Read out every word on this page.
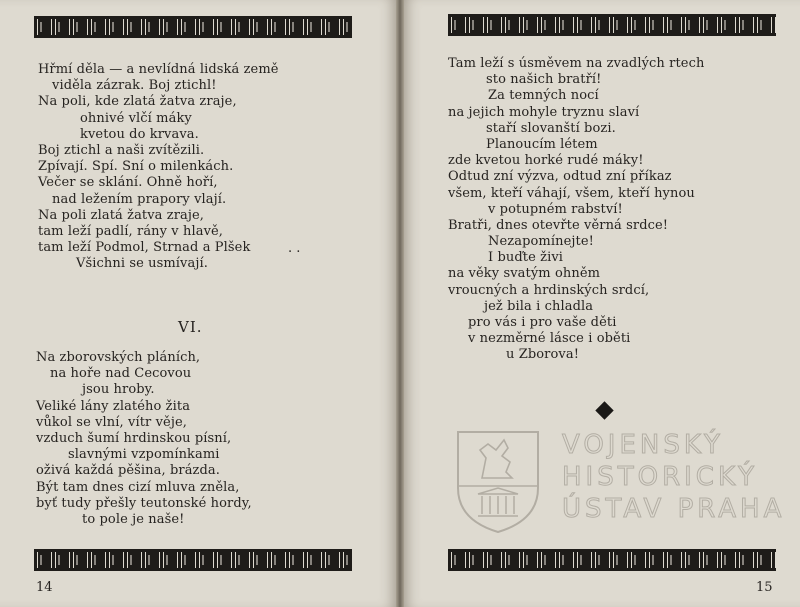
Hřmí děla — a nevlídná lidská země
viděla zázrak. Boj ztichl!
Na poli, kde zlatá žatva zraje,
ohnivé vlčí máky
kvetou do krvava.
Boj ztichl a naši zvítězili.
Zpívají. Spí. Sní o milenkách.
Večer se sklání. Ohně hoří,
nad ležením prapory vlají.
Na poli zlatá žatva zraje,
tam leží padlí, rány v hlavě,
tam leží Podmol, Strnad a Plšek
Všichni se usmívají.
. .
VI.
Na zborovských pláních,
na hoře nad Cecovou
jsou hroby.
Veliké lány zlatého žita
vůkol se vlní, vítr věje,
vzduch šumí hrdinskou písní,
slavnými vzpomínkami
oživá každá pěšina, brázda.
Být tam dnes cizí mluva zněla,
byť tudy přešly teutonské hordy,
to pole je naše!
14
Tam leží s úsměvem na zvadlých rtech
sto našich bratří!
Za temných nocí
na jejich mohyle tryznu slaví
staří slovanští bozi.
Planoucím létem
zde kvetou horké rudé máky!
Odtud zní výzva, odtud zní příkaz
všem, kteří váhají, všem, kteří hynou
v potupném rabství!
Bratři, dnes otevřte věrná srdce!
Nezapomínejte!
I buďte živi
na věky svatým ohněm
vroucných a hrdinských srdcí,
jež bila i chladla
pro vás i pro vaše děti
v nezměrné lásce i oběti
u Zborova!
15
VOJENSKÝ
HISTORICKÝ
ÚSTAV PRAHA
